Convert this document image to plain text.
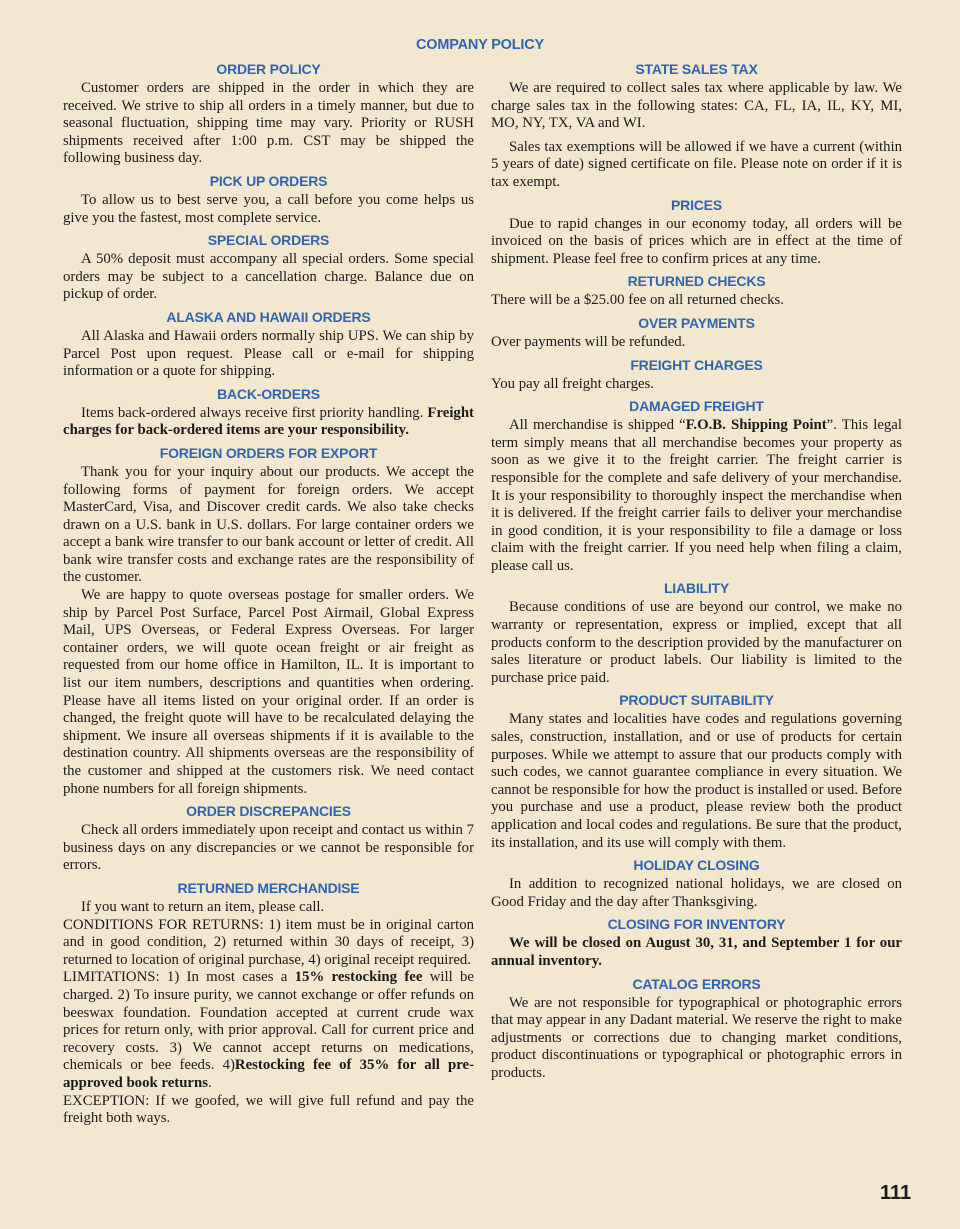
COMPANY POLICY
ORDER POLICY

Customer orders are shipped in the order in which they are received. We strive to ship all orders in a timely manner, but due to seasonal fluctuation, shipping time may vary. Priority or RUSH shipments received after 1:00 p.m. CST may be shipped the following business day.

PICK UP ORDERS

To allow us to best serve you, a call before you come helps us give you the fastest, most complete service.

SPECIAL ORDERS

A 50% deposit must accompany all special orders. Some special orders may be subject to a cancellation charge. Balance due on pickup of order.

ALASKA AND HAWAII ORDERS

All Alaska and Hawaii orders normally ship UPS. We can ship by Parcel Post upon request. Please call or e-mail for shipping information or a quote for shipping.

BACK-ORDERS

Items back-ordered always receive first priority handling. Freight charges for back-ordered items are your responsibility.

FOREIGN ORDERS FOR EXPORT

Thank you for your inquiry about our products. We accept the following forms of payment for foreign orders. We accept MasterCard, Visa, and Discover credit cards. We also take checks drawn on a U.S. bank in U.S. dollars. For large container orders we accept a bank wire transfer to our bank account or letter of credit. All bank wire transfer costs and exchange rates are the responsibility of the customer.

We are happy to quote overseas postage for smaller orders. We ship by Parcel Post Surface, Parcel Post Airmail, Global Express Mail, UPS Overseas, or Federal Express Overseas. For larger container orders, we will quote ocean freight or air freight as requested from our home office in Hamilton, IL. It is important to list our item numbers, descriptions and quantities when ordering. Please have all items listed on your original order. If an order is changed, the freight quote will have to be recalculated delaying the shipment. We insure all overseas shipments if it is available to the destination country. All shipments overseas are the responsibility of the customer and shipped at the customers risk. We need contact phone numbers for all foreign shipments.

ORDER DISCREPANCIES

Check all orders immediately upon receipt and contact us within 7 business days on any discrepancies or we cannot be responsible for errors.

RETURNED MERCHANDISE

If you want to return an item, please call.

CONDITIONS FOR RETURNS: 1) item must be in original carton and in good condition, 2) returned within 30 days of receipt, 3) returned to location of original purchase, 4) original receipt required.

LIMITATIONS: 1) In most cases a 15% restocking fee will be charged. 2) To insure purity, we cannot exchange or offer refunds on beeswax foundation. Foundation accepted at current crude wax prices for return only, with prior approval. Call for current price and recovery costs. 3) We cannot accept returns on medications, chemicals or bee feeds. 4)Restocking fee of 35% for all pre-approved book returns.

EXCEPTION: If we goofed, we will give full refund and pay the freight both ways.

STATE SALES TAX

We are required to collect sales tax where applicable by law. We charge sales tax in the following states: CA, FL, IA, IL, KY, MI, MO, NY, TX, VA and WI.

Sales tax exemptions will be allowed if we have a current (within 5 years of date) signed certificate on file. Please note on order if it is tax exempt.

PRICES

Due to rapid changes in our economy today, all orders will be invoiced on the basis of prices which are in effect at the time of shipment. Please feel free to confirm prices at any time.

RETURNED CHECKS

There will be a $25.00 fee on all returned checks.

OVER PAYMENTS

Over payments will be refunded.

FREIGHT CHARGES

You pay all freight charges.

DAMAGED FREIGHT

All merchandise is shipped “F.O.B. Shipping Point”. This legal term simply means that all merchandise becomes your property as soon as we give it to the freight carrier. The freight carrier is responsible for the complete and safe delivery of your merchandise. It is your responsibility to thoroughly inspect the merchandise when it is delivered. If the freight carrier fails to deliver your merchandise in good condition, it is your responsibility to file a damage or loss claim with the freight carrier. If you need help when filing a claim, please call us.

LIABILITY

Because conditions of use are beyond our control, we make no warranty or representation, express or implied, except that all products conform to the description provided by the manufacturer on sales literature or product labels. Our liability is limited to the purchase price paid.

PRODUCT SUITABILITY

Many states and localities have codes and regulations governing sales, construction, installation, and or use of products for certain purposes. While we attempt to assure that our products comply with such codes, we cannot guarantee compliance in every situation. We cannot be responsible for how the product is installed or used. Before you purchase and use a product, please review both the product application and local codes and regulations. Be sure that the product, its installation, and its use will comply with them.

HOLIDAY CLOSING

In addition to recognized national holidays, we are closed on Good Friday and the day after Thanksgiving.

CLOSING FOR INVENTORY

We will be closed on August 30, 31, and September 1 for our annual inventory.

CATALOG ERRORS

We are not responsible for typographical or photographic errors that may appear in any Dadant material. We reserve the right to make adjustments or corrections due to changing market conditions, product discontinuations or typographical or photographic errors in products.

111
